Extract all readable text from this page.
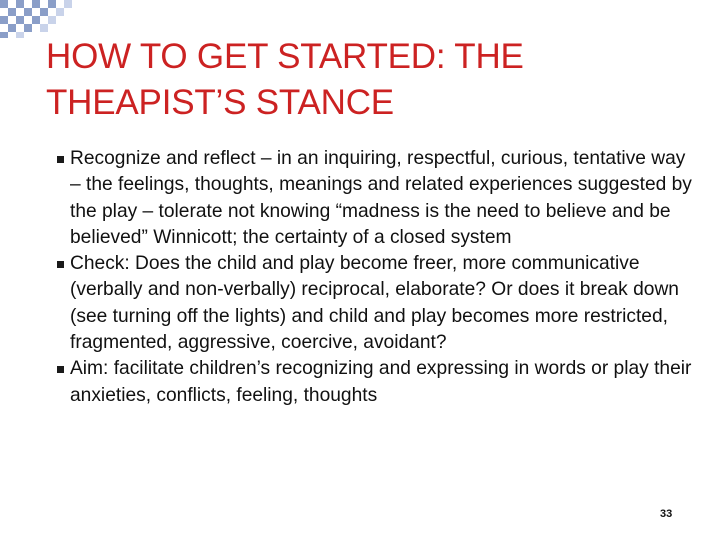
HOW TO GET STARTED: THE THEAPIST’S STANCE
Recognize and reflect – in an inquiring, respectful, curious, tentative way – the feelings, thoughts, meanings and related experiences suggested by the play – tolerate not knowing “madness is the need to believe and be believed” Winnicott; the certainty of a closed system
Check: Does the child and play become freer, more communicative (verbally and non-verbally) reciprocal, elaborate? Or does it break down (see turning off the lights) and child and play becomes more restricted, fragmented, aggressive, coercive, avoidant?
Aim: facilitate children’s recognizing and expressing in words or play their anxieties, conflicts, feeling, thoughts
33
